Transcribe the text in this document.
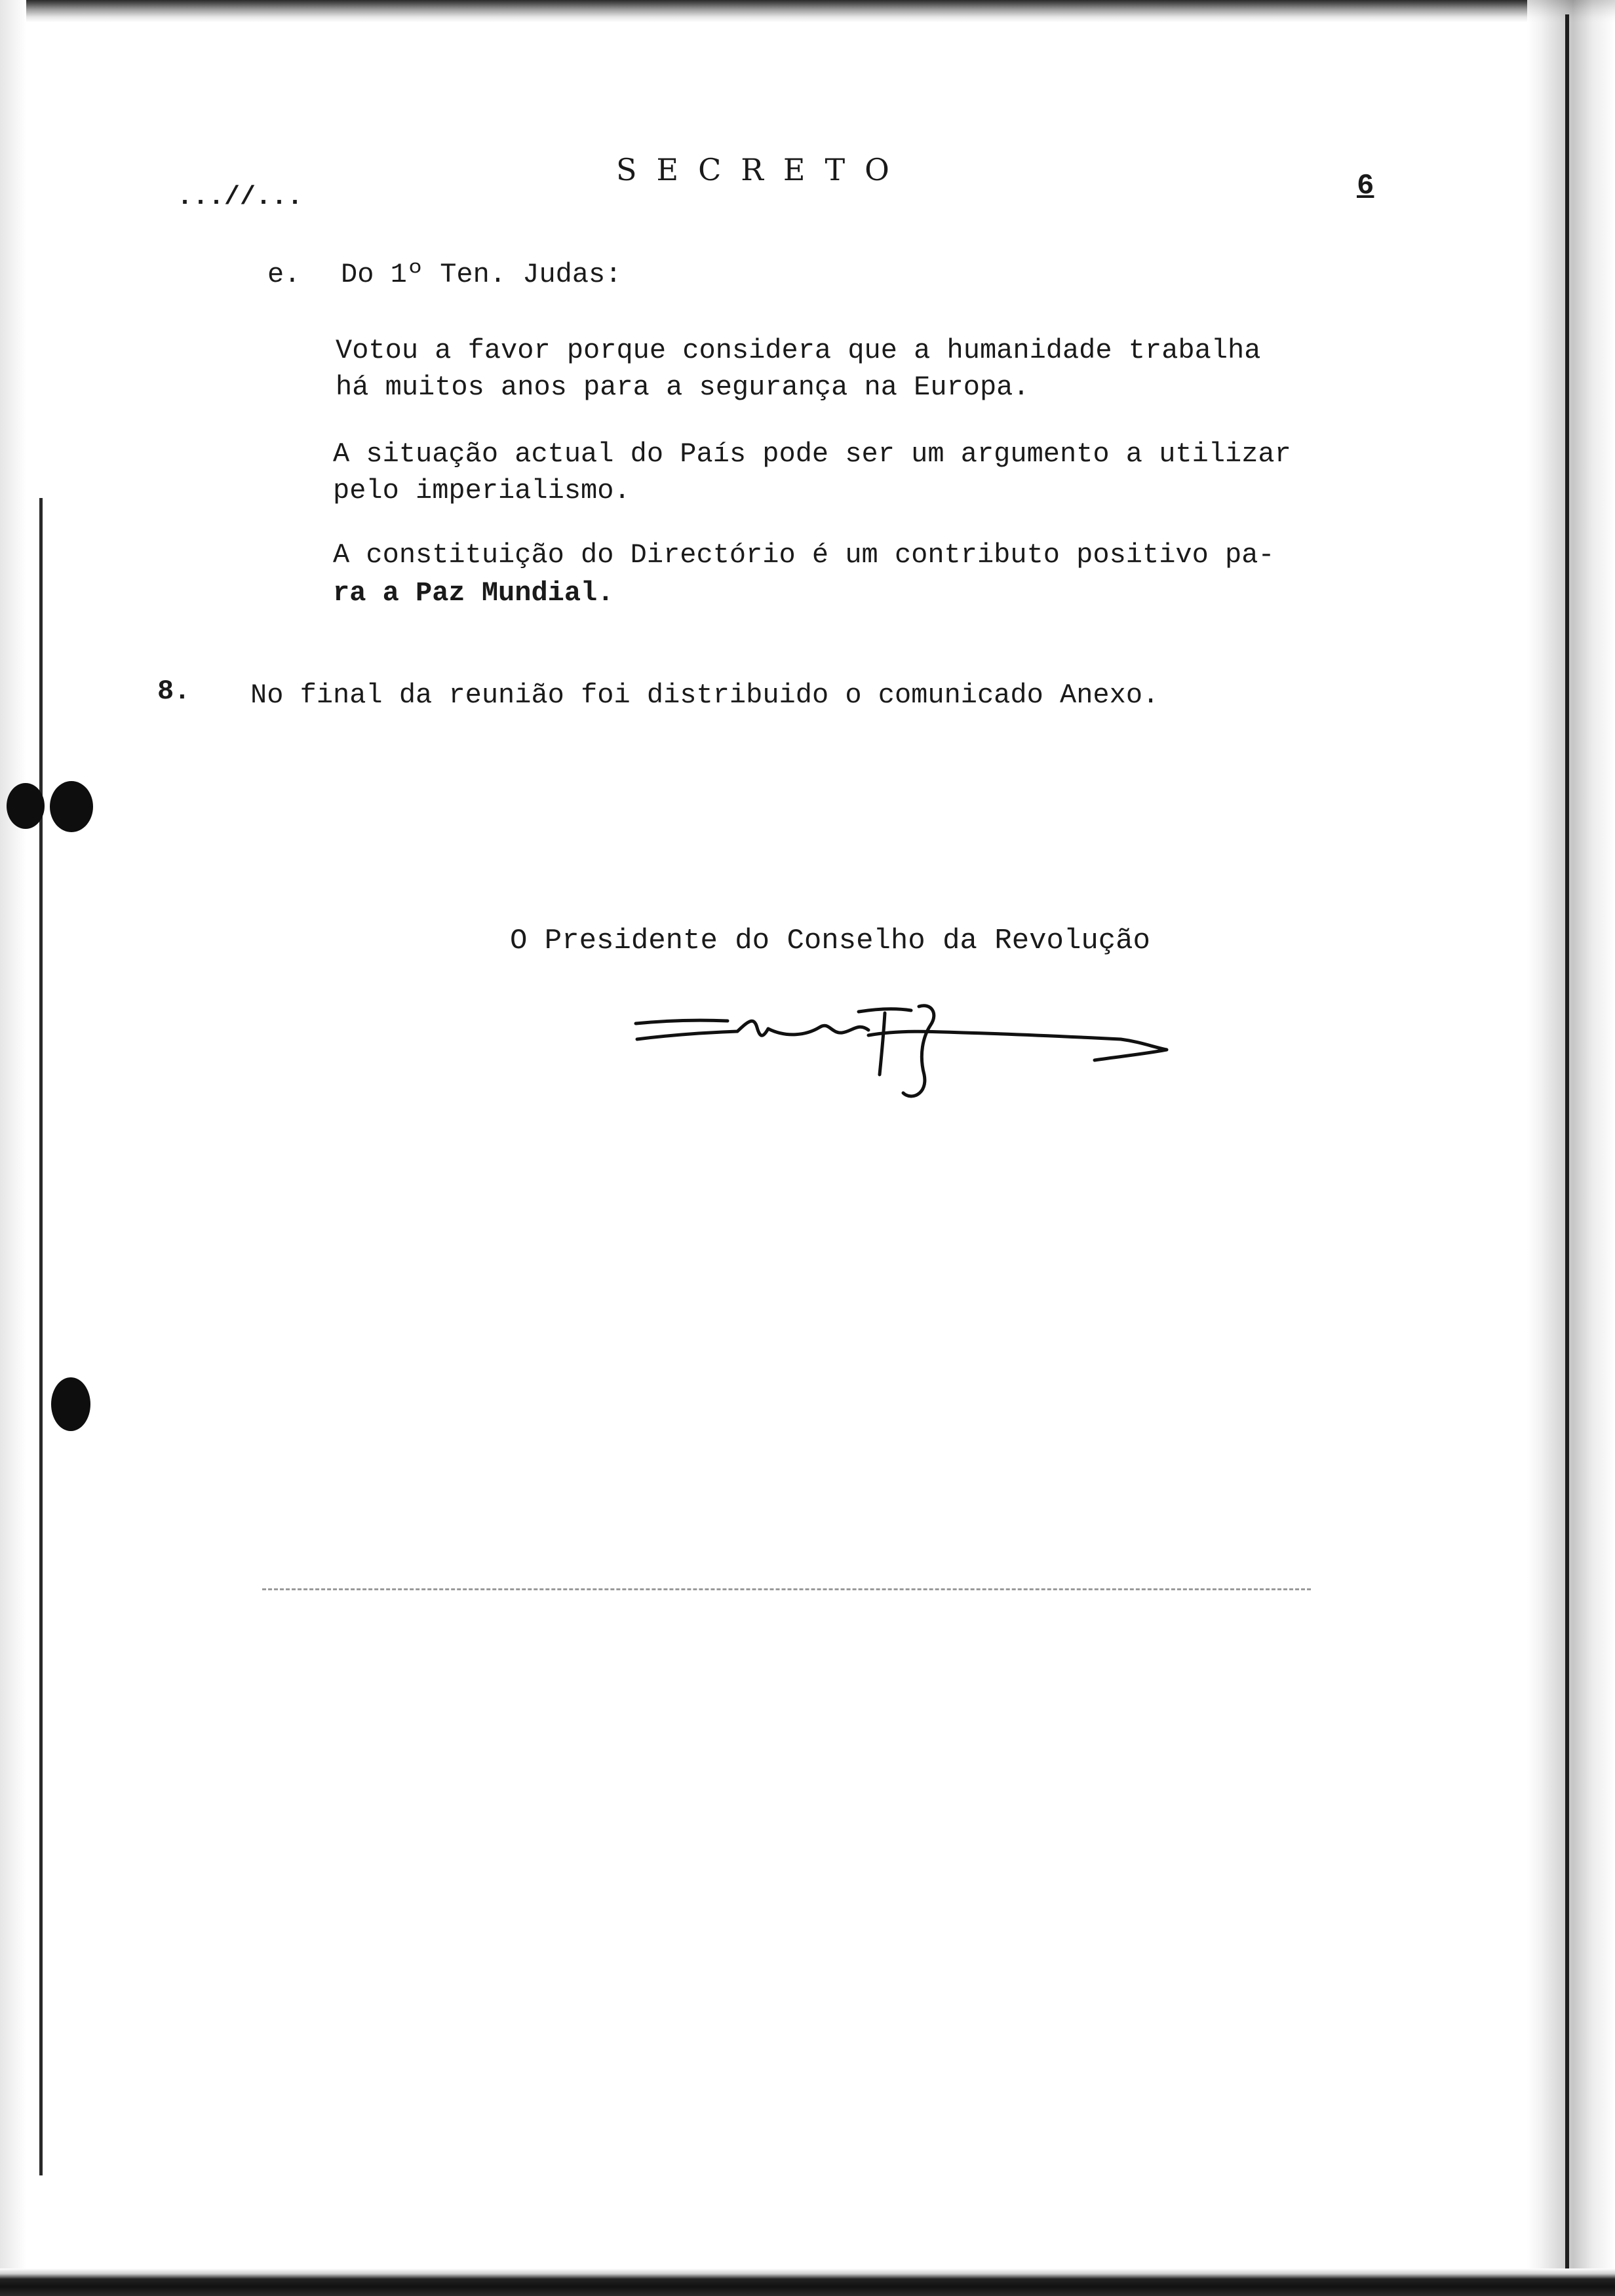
SECRETO
...//...	6
e. Do 1º Ten. Judas:
Votou a favor porque considera que a humanidade trabalha
há muitos anos para a segurança na Europa.
A situação actual do País pode ser um argumento a utilizar
pelo imperialismo.
A constituição do Directório é um contributo positivo pa-
ra a Paz Mundial.
8. No final da reunião foi distribuido o comunicado Anexo.
O Presidente do Conselho da Revolução
